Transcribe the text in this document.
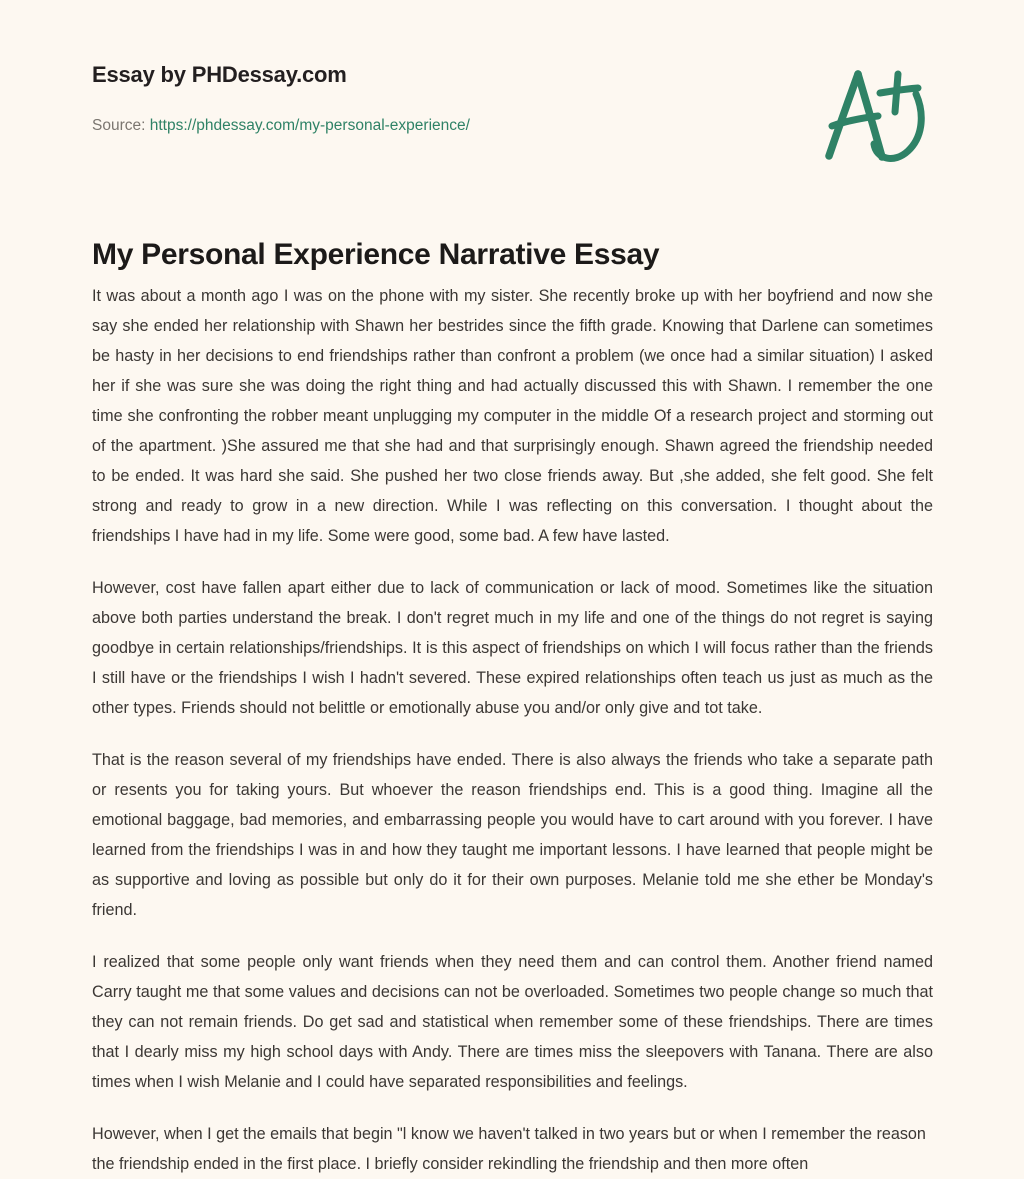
Essay by PHDessay.com
Source: https://phdessay.com/my-personal-experience/
My Personal Experience Narrative Essay

It was about a month ago I was on the phone with my sister. She recently broke up with her boyfriend and now she say she ended her relationship with Shawn her bestrides since the fifth grade. Knowing that Darlene can sometimes be hasty in her decisions to end friendships rather than confront a problem (we once had a similar situation) I asked her if she was sure she was doing the right thing and had actually discussed this with Shawn. I remember the one time she confronting the robber meant unplugging my computer in the middle Of a research project and storming out of the apartment. )She assured me that she had and that surprisingly enough. Shawn agreed the friendship needed to be ended. It was hard she said. She pushed her two close friends away. But ,she added, she felt good. She felt strong and ready to grow in a new direction. While I was reflecting on this conversation. I thought about the friendships I have had in my life. Some were good, some bad. A few have lasted.

However, cost have fallen apart either due to lack of communication or lack of mood. Sometimes like the situation above both parties understand the break. I don't regret much in my life and one of the things do not regret is saying goodbye in certain relationships/friendships. It is this aspect of friendships on which I will focus rather than the friends I still have or the friendships I wish I hadn't severed. These expired relationships often teach us just as much as the other types. Friends should not belittle or emotionally abuse you and/or only give and tot take.

That is the reason several of my friendships have ended. There is also always the friends who take a separate path or resents you for taking yours. But whoever the reason friendships end. This is a good thing. Imagine all the emotional baggage, bad memories, and embarrassing people you would have to cart around with you forever. I have learned from the friendships I was in and how they taught me important lessons. I have learned that people might be as supportive and loving as possible but only do it for their own purposes. Melanie told me she ether be Monday's friend.

I realized that some people only want friends when they need them and can control them. Another friend named Carry taught me that some values and decisions can not be overloaded. Sometimes two people change so much that they can not remain friends. Do get sad and statistical when remember some of these friendships. There are times that I dearly miss my high school days with Andy. There are times miss the sleepovers with Tanana. There are also times when I wish Melanie and I could have separated responsibilities and feelings.

However, when I get the emails that begin "l know we haven't talked in two years but or when I remember the reason the friendship ended in the first place. I briefly consider rekindling the friendship and then more often
